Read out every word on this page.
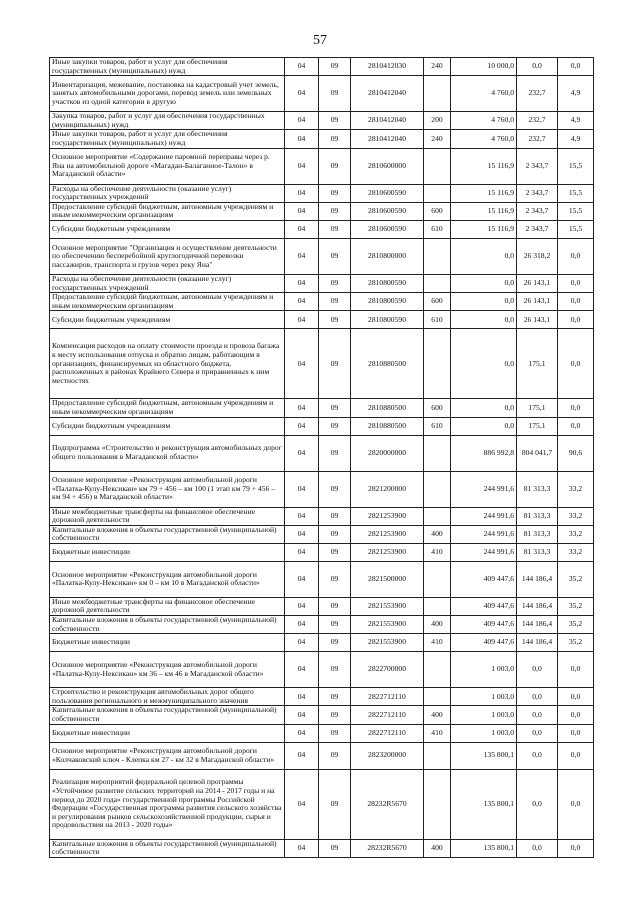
57
Иные закупки товаров, работ и услуг для обеспечения государственных (муниципальных) нужд	04	09	2810412030	240	10 000,0	0,0	0,0
Инвентаризация, межевание, постановка на кадастровый учет земель, занятых автомобильными дорогами, перевод земель или земельных участков из одной категории в другую	04	09	2810412040		4 760,0	232,7	4,9
Закупка товаров, работ и услуг для обеспечения государственных (муниципальных) нужд	04	09	2810412040	200	4 760,0	232,7	4,9
Иные закупки товаров, работ и услуг для обеспечения государственных (муниципальных) нужд	04	09	2810412040	240	4 760,0	232,7	4,9
Основное мероприятие «Содержание паромной переправы через р. Яна на автомобильной дороге «Магадан-Балаганное-Талон» в Магаданской области»	04	09	2810600000		15 116,9	2 343,7	15,5
Расходы на обеспечение деятельности (оказание услуг) государственных учреждений	04	09	2810600590		15 116,9	2 343,7	15,5
Предоставление субсидий бюджетным, автономным учреждениям и иным некоммерческим организациям	04	09	2810600590	600	15 116,9	2 343,7	15,5
Субсидии бюджетным учреждениям	04	09	2810600590	610	15 116,9	2 343,7	15,5
Основное мероприятие "Организация и осуществление деятельности по обеспечению бесперебойной круглогодичной перевозки пассажиров, транспорта и грузов через реку Яна"	04	09	2810800000		0,0	26 318,2	0,0
Расходы на обеспечение деятельности (оказание услуг) государственных учреждений	04	09	2810800590		0,0	26 143,1	0,0
Предоставление субсидий бюджетным, автономным учреждениям и иным некоммерческим организациям	04	09	2810800590	600	0,0	26 143,1	0,0
Субсидии бюджетным учреждениям	04	09	2810800590	610	0,0	26 143,1	0,0
Компенсация расходов на оплату стоимости проезда и провоза багажа к месту использования отпуска и обратно лицам, работающим в организациях, финансируемых из областного бюджета, расположенных в районах Крайнего Севера и приравненных к ним местностях	04	09	2810880500		0,0	175,1	0,0
Предоставление субсидий бюджетным, автономным учреждениям и иным некоммерческим организациям	04	09	2810880500	600	0,0	175,1	0,0
Субсидии бюджетным учреждениям	04	09	2810880500	610	0,0	175,1	0,0
Подпрограмма «Строительство и реконструкция автомобильных дорог общего пользования в Магаданской области»	04	09	2820000000		886 992,8	804 041,7	90,6
Основное мероприятие «Реконструкция автомобильной дороги «Палатка-Кулу-Нексикан» км 79 + 456 – км 100 (1 этап км 79 + 456 – км 94 + 456) в Магаданской области»	04	09	2821200000		244 991,6	81 313,3	33,2
Иные межбюджетные трансферты на финансовое обеспечение дорожной деятельности	04	09	2821253900		244 991,6	81 313,3	33,2
Капитальные вложения в объекты государственной (муниципальной) собственности	04	09	2821253900	400	244 991,6	81 313,3	33,2
Бюджетные инвестиции	04	09	2821253900	410	244 991,6	81 313,3	33,2
Основное мероприятие «Реконструкция автомобильной дороги «Палатка-Кулу-Нексикан» км 0 – км 10 в Магаданской области»	04	09	2821500000		409 447,6	144 186,4	35,2
Иные межбюджетные трансферты на финансовое обеспечение дорожной деятельности	04	09	2821553900		409 447,6	144 186,4	35,2
Капитальные вложения в объекты государственной (муниципальной) собственности	04	09	2821553900	400	409 447,6	144 186,4	35,2
Бюджетные инвестиции	04	09	2821553900	410	409 447,6	144 186,4	35,2
Основное мероприятие «Реконструкция автомобильной дороги «Палатка-Кулу-Нексикан» км 36 – км 46 в Магаданской области»	04	09	2822700000		1 003,0	0,0	0,0
Строительство и реконструкция автомобильных дорог общего пользования регионального и межмуниципального значения	04	09	2822712110		1 003,0	0,0	0,0
Капитальные вложения в объекты государственной (муниципальной) собственности	04	09	2822712110	400	1 003,0	0,0	0,0
Бюджетные инвестиции	04	09	2822712110	410	1 003,0	0,0	0,0
Основное мероприятие «Реконструкция автомобильной дороги «Колчаковский ключ - Клепка км 27 - км 32 в Магаданской области»	04	09	2823200000		135 800,1	0,0	0,0
Реализация мероприятий федеральной целевой программы «Устойчивое развитие сельских территорий на 2014 - 2017 годы и на период до 2020 года» государственной программы Российской Федерации «Государственная программа развития сельского хозяйства и регулирования рынков сельскохозяйственной продукции, сырья и продовольствия на 2013 - 2020 годы»	04	09	28232R5670		135 800,1	0,0	0,0
Капитальные вложения в объекты государственной (муниципальной) собственности	04	09	28232R5670	400	135 800,1	0,0	0,0
